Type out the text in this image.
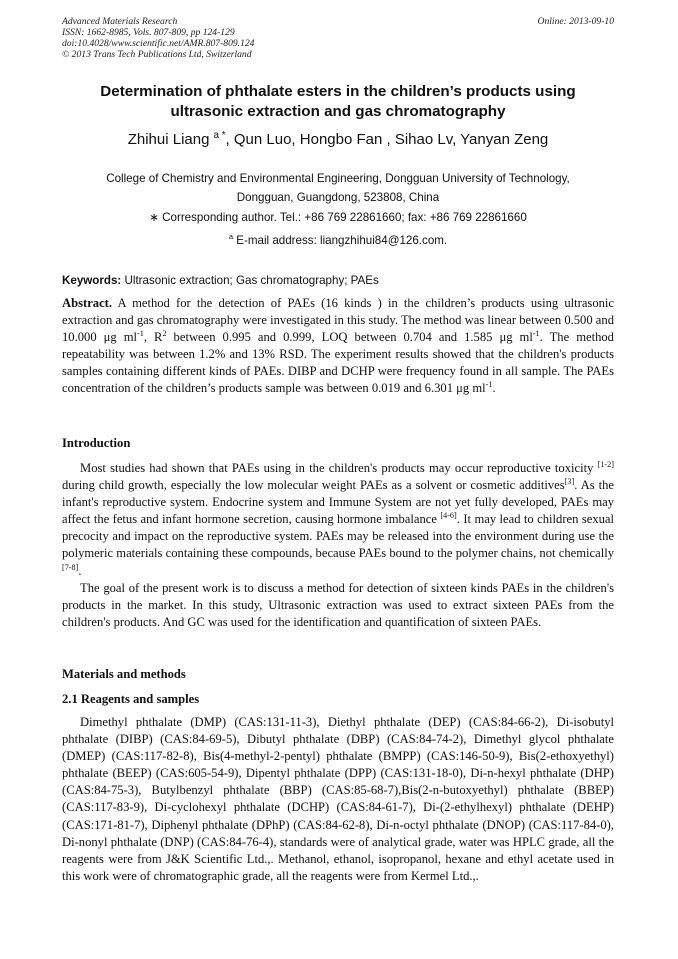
Advanced Materials Research
ISSN: 1662-8985, Vols. 807-809, pp 124-129
doi:10.4028/www.scientific.net/AMR.807-809.124
© 2013 Trans Tech Publications Ltd, Switzerland
Online: 2013-09-10
Determination of phthalate esters in the children’s products using
ultrasonic extraction and gas chromatography
Zhihui Liang $^{a *}$, Qun Luo, Hongbo Fan , Sihao Lv, Yanyan Zeng
College of Chemistry and Environmental Engineering, Dongguan University of Technology,
Dongguan, Guangdong, 523808, China
∗ Corresponding author. Tel.: +86 769 22861660; fax: +86 769 22861660
$^a$ E-mail address: liangzhihui84@126.com.
Keywords: Ultrasonic extraction; Gas chromatography; PAEs

Abstract. A method for the detection of PAEs (16 kinds ) in the children’s products using ultrasonic extraction and gas chromatography were investigated in this study. The method was linear between 0.500 and 10.000 μg $ml^{-1}$, $R^2$ between 0.995 and 0.999, LOQ between 0.704 and 1.585 μg $ml^{-1}$. The method repeatability was between 1.2% and 13% RSD. The experiment results showed that the children's products samples containing different kinds of PAEs. DIBP and DCHP were frequency found in all sample. The PAEs concentration of the children’s products sample was between 0.019 and 6.301 μg $ml^{-1}$.

Introduction

Most studies had shown that PAEs using in the children's products may occur reproductive toxicity [1-2] during child growth, especially the low molecular weight PAEs as a solvent or cosmetic additives[3]. As the infant's reproductive system. Endocrine system and Immune System are not yet fully developed, PAEs may affect the fetus and infant hormone secretion, causing hormone imbalance [4-6]. It may lead to children sexual precocity and impact on the reproductive system. PAEs may be released into the environment during use the polymeric materials containing these compounds, because PAEs bound to the polymer chains, not chemically [7-8].

The goal of the present work is to discuss a method for detection of sixteen kinds PAEs in the children's products in the market. In this study, Ultrasonic extraction was used to extract sixteen PAEs from the children's products. And GC was used for the identification and quantification of sixteen PAEs.

Materials and methods
2.1 Reagents and samples

Dimethyl phthalate (DMP) (CAS:131-11-3), Diethyl phthalate (DEP) (CAS:84-66-2), Di-isobutyl phthalate (DIBP) (CAS:84-69-5), Dibutyl phthalate (DBP) (CAS:84-74-2), Dimethyl glycol phthalate (DMEP) (CAS:117-82-8), Bis(4-methyl-2-pentyl) phthalate (BMPP) (CAS:146-50-9), Bis(2-ethoxyethyl) phthalate (BEEP) (CAS:605-54-9), Dipentyl phthalate (DPP) (CAS:131-18-0), Di-n-hexyl phthalate (DHP) (CAS:84-75-3), Butylbenzyl phthalate (BBP) (CAS:85-68-7),Bis(2-n-butoxyethyl) phthalate (BBEP) (CAS:117-83-9), Di-cyclohexyl phthalate (DCHP) (CAS:84-61-7), Di-(2-ethylhexyl) phthalate (DEHP) (CAS:171-81-7), Diphenyl phthalate (DPhP) (CAS:84-62-8), Di-n-octyl phthalate (DNOP) (CAS:117-84-0), Di-nonyl phthalate (DNP) (CAS:84-76-4), standards were of analytical grade, water was HPLC grade, all the reagents were from J&K Scientific Ltd.,. Methanol, ethanol, isopropanol, hexane and ethyl acetate used in this work were of chromatographic grade, all the reagents were from Kermel Ltd.,.
